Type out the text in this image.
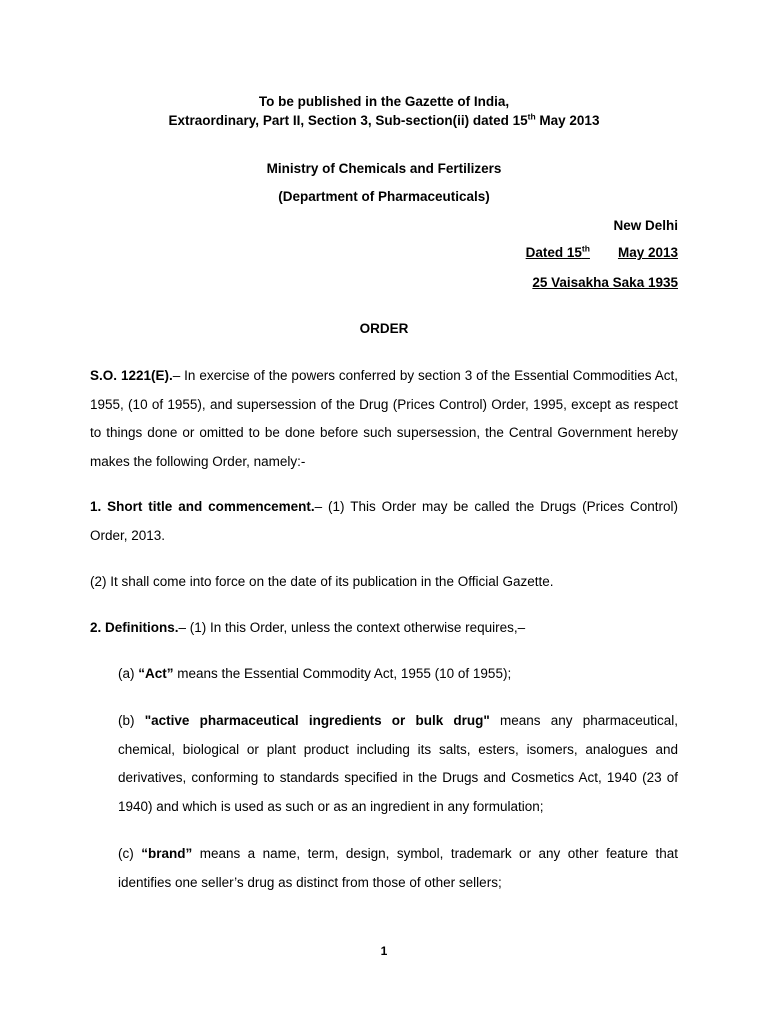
To be published in the Gazette of India,
Extraordinary, Part II, Section 3, Sub-section(ii) dated 15th May 2013
Ministry of Chemicals and Fertilizers
(Department of Pharmaceuticals)
New Delhi
Dated 15th May 2013
25 Vaisakha Saka 1935
ORDER
S.O. 1221(E).– In exercise of the powers conferred by section 3 of the Essential Commodities Act, 1955, (10 of 1955), and supersession of the Drug (Prices Control) Order, 1995, except as respect to things done or omitted to be done before such supersession, the Central Government hereby makes the following Order, namely:-
1. Short title and commencement.– (1) This Order may be called the Drugs (Prices Control) Order, 2013.
(2) It shall come into force on the date of its publication in the Official Gazette.
2. Definitions.– (1) In this Order, unless the context otherwise requires,–
(a) “Act” means the Essential Commodity Act, 1955 (10 of 1955);
(b) "active pharmaceutical ingredients or bulk drug" means any pharmaceutical, chemical, biological or plant product including its salts, esters, isomers, analogues and derivatives, conforming to standards specified in the Drugs and Cosmetics Act, 1940 (23 of 1940) and which is used as such or as an ingredient in any formulation;
(c) “brand” means a name, term, design, symbol, trademark or any other feature that identifies one seller’s drug as distinct from those of other sellers;
1
